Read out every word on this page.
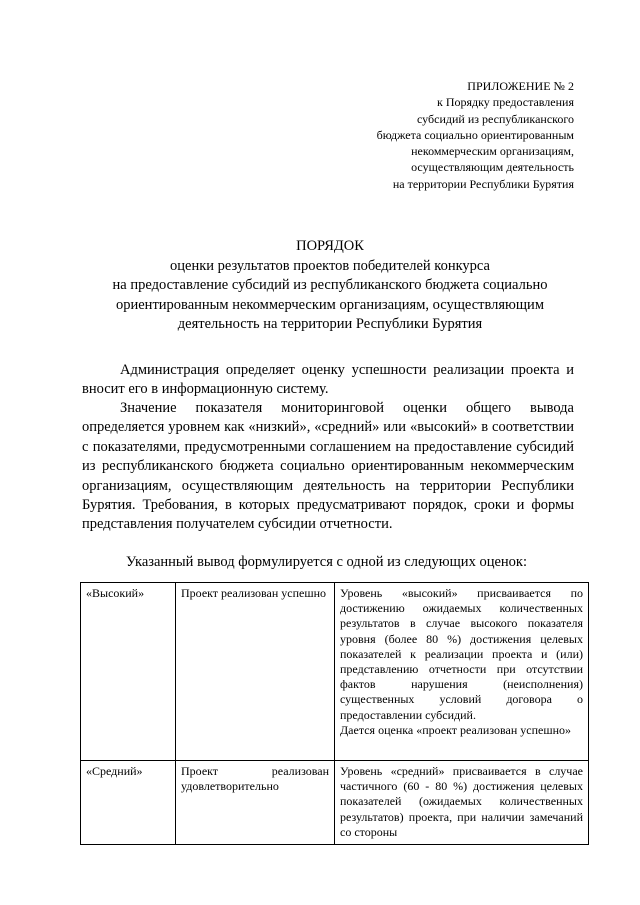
ПРИЛОЖЕНИЕ № 2
к Порядку предоставления
субсидий из республиканского
бюджета социально ориентированным
некоммерческим организациям,
осуществляющим деятельность
на территории Республики Бурятия
ПОРЯДОК
оценки результатов проектов победителей конкурса
на предоставление субсидий из республиканского бюджета социально
ориентированным некоммерческим организациям, осуществляющим
деятельность на территории Республики Бурятия

Администрация определяет оценку успешности реализации проекта и вносит его в информационную систему.

Значение показателя мониторинговой оценки общего вывода определяется уровнем как «низкий», «средний» или «высокий» в соответствии с показателями, предусмотренными соглашением на предоставление субсидий из республиканского бюджета социально ориентированным некоммерческим организациям, осуществляющим деятельность на территории Республики Бурятия. Требования, в которых предусматривают порядок, сроки и формы представления получателем субсидии отчетности.

Указанный вывод формулируется с одной из следующих оценок:
«Высокий»	Проект реализован успешно	Уровень «высокий» присваивается по достижению ожидаемых количественных результатов в случае высокого показателя уровня (более 80 %) достижения целевых показателей к реализации проекта и (или) представлению отчетности при отсутствии фактов нарушения (неисполнения) существенных условий договора о предоставлении субсидий.

Дается оценка «проект реализован успешно»

«Средний»	Проект реализован удовлетворительно	Уровень «средний» присваивается в случае частичного (60 - 80 %) достижения целевых показателей (ожидаемых количественных результатов) проекта, при наличии замечаний со стороны
